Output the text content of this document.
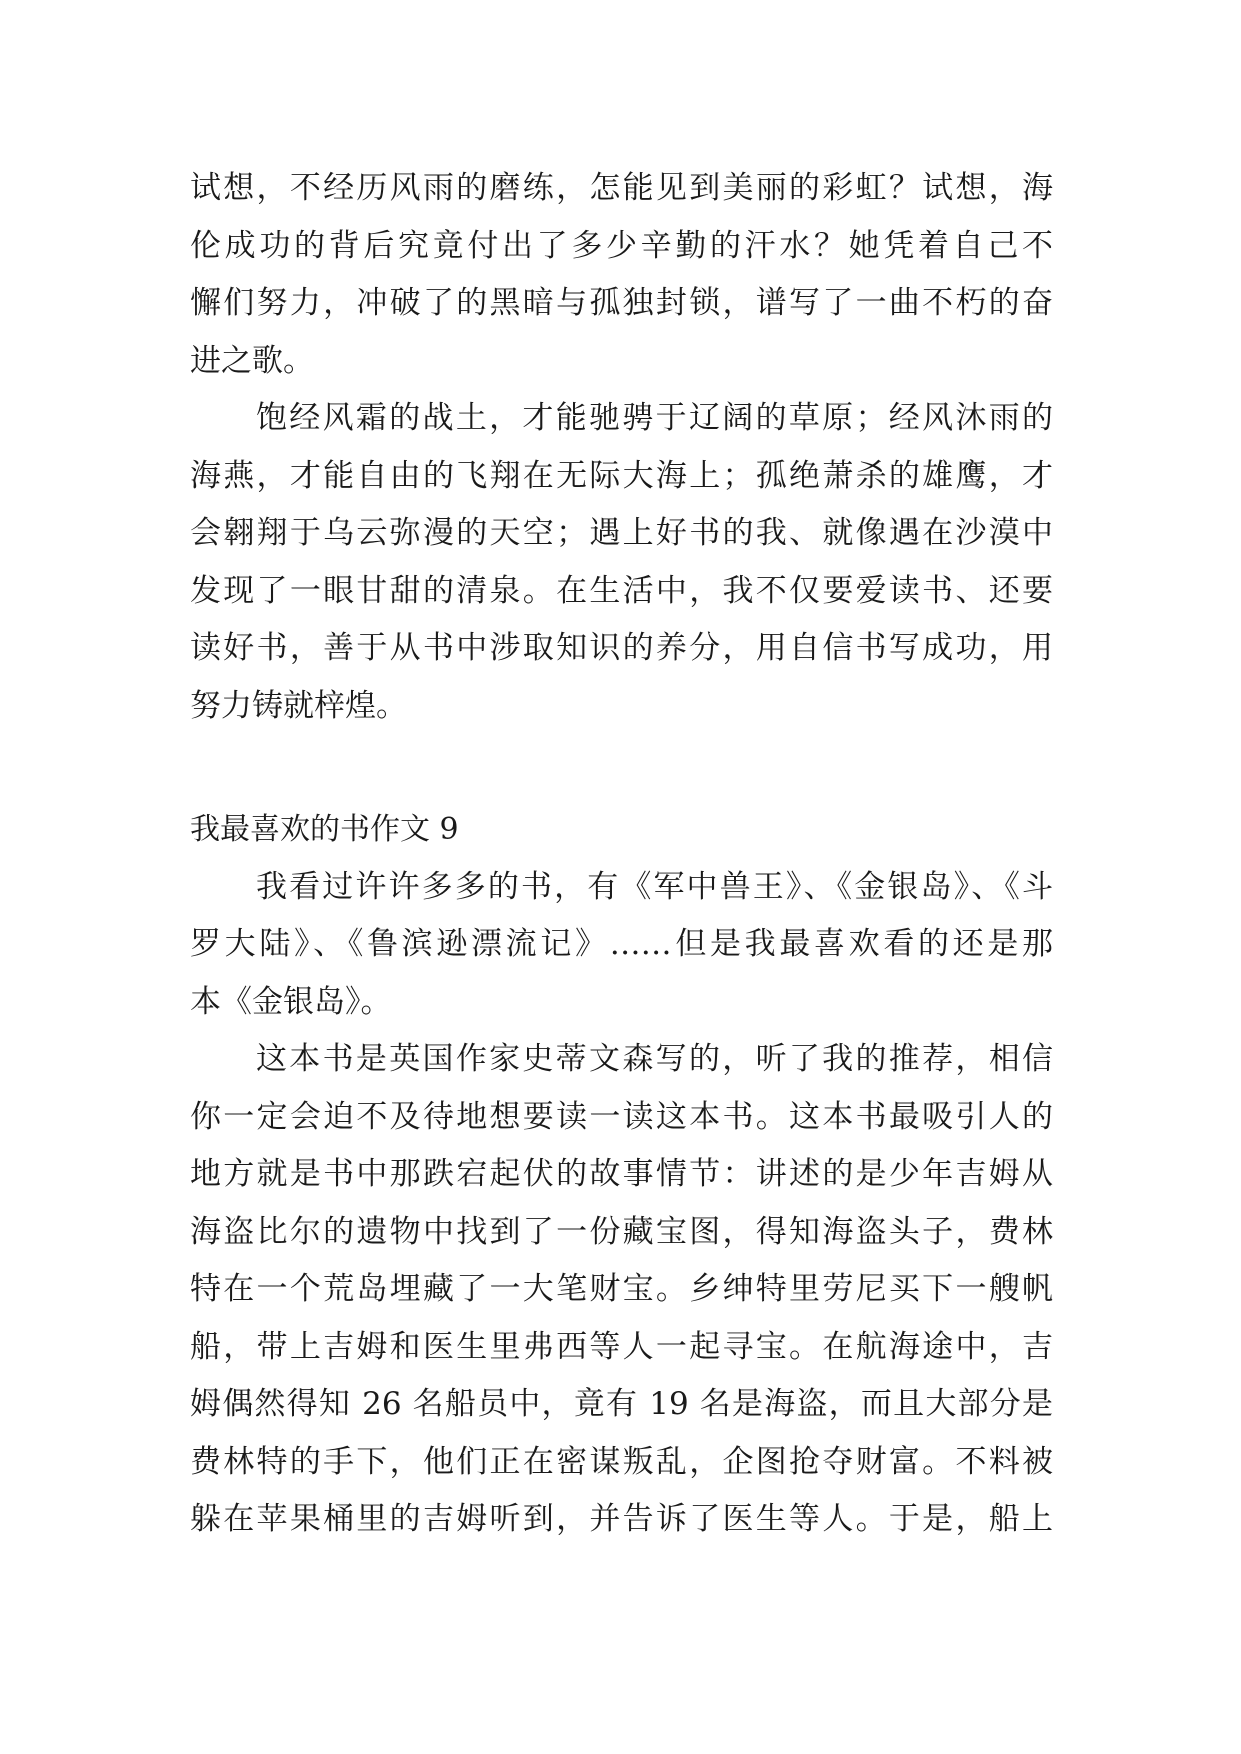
试想，不经历风雨的磨练，怎能见到美丽的彩虹？试想，海
伦成功的背后究竟付出了多少辛勤的汗水？她凭着自己不
懈们努力，冲破了的黑暗与孤独封锁，谱写了一曲不朽的奋
进之歌。
饱经风霜的战土，才能驰骋于辽阔的草原；经风沐雨的
海燕，才能自由的飞翔在无际大海上；孤绝萧杀的雄鹰，才
会翱翔于乌云弥漫的天空；遇上好书的我、就像遇在沙漠中
发现了一眼甘甜的清泉。在生活中，我不仅要爱读书、还要
读好书，善于从书中涉取知识的养分，用自信书写成功，用
努力铸就梓煌。
我最喜欢的书作文 9
我看过许许多多的书，有《军中兽王》、《金银岛》、《斗
罗大陆》、《鲁滨逊漂流记》……但是我最喜欢看的还是那
本《金银岛》。
这本书是英国作家史蒂文森写的，听了我的推荐，相信
你一定会迫不及待地想要读一读这本书。这本书最吸引人的
地方就是书中那跌宕起伏的故事情节：讲述的是少年吉姆从
海盗比尔的遗物中找到了一份藏宝图，得知海盗头子，费林
特在一个荒岛埋藏了一大笔财宝。乡绅特里劳尼买下一艘帆
船，带上吉姆和医生里弗西等人一起寻宝。在航海途中，吉
姆偶然得知 26 名船员中，竟有 19 名是海盗，而且大部分是
费林特的手下，他们正在密谋叛乱，企图抢夺财富。不料被
躲在苹果桶里的吉姆听到，并告诉了医生等人。于是，船上
